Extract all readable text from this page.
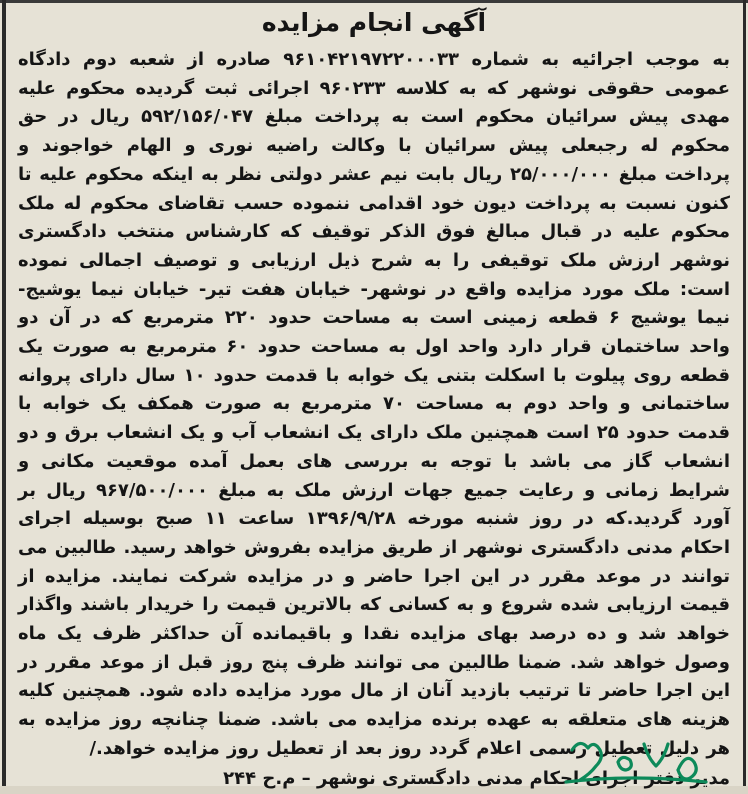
آگهی انجام مزایده
به موجب اجرائیه به شماره ۹۶۱۰۴۲۱۹۷۲۲۰۰۰۳۳ صادره از شعبه دوم دادگاه عمومی حقوقی نوشهر که به کلاسه ۹۶۰۲۳۳ اجرائی ثبت گردیده محکوم علیه مهدی پیش سرائیان محکوم است به پرداخت مبلغ ۵۹۲/۱۵۶/۰۴۷ ریال در حق محکوم له رجبعلی پیش سرائیان با وکالت راضیه نوری و الهام خواجوند و پرداخت مبلغ ۲۵/۰۰۰/۰۰۰ ریال بابت نیم عشر دولتی نظر به اینکه محکوم علیه تا کنون نسبت به پرداخت دیون خود اقدامی ننموده حسب تقاضای محکوم له ملک محکوم علیه در قبال مبالغ فوق الذکر توقیف که کارشناس منتخب دادگستری نوشهر ارزش ملک توقیفی را به شرح ذیل ارزیابی و توصیف اجمالی نموده است: ملک مورد مزایده واقع در نوشهر- خیابان هفت تیر- خیابان نیما یوشیج- نیما یوشیج ۶ قطعه زمینی است به مساحت حدود ۲۲۰ مترمربع که در آن دو واحد ساختمان قرار دارد واحد اول به مساحت حدود ۶۰ مترمربع به صورت یک قطعه روی پیلوت با اسکلت بتنی یک خوابه با قدمت حدود ۱۰ سال دارای پروانه ساختمانی و واحد دوم به مساحت ۷۰ مترمربع به صورت همکف یک خوابه با قدمت حدود ۲۵ است همچنین ملک دارای یک انشعاب آب و یک انشعاب برق و دو انشعاب گاز می باشد با توجه به بررسی های بعمل آمده موقعیت مکانی و شرایط زمانی و رعایت جمیع جهات ارزش ملک به مبلغ ۹۶۷/۵۰۰/۰۰۰ ریال بر آورد گردید.که در روز شنبه مورخه ۱۳۹۶/۹/۲۸ ساعت ۱۱ صبح بوسیله اجرای احکام مدنی دادگستری نوشهر از طریق مزایده بفروش خواهد رسید. طالبین می توانند در موعد مقرر در این اجرا حاضر و در مزایده شرکت نمایند. مزایده از قیمت ارزیابی شده شروع و به کسانی که بالاترین قیمت را خریدار باشند واگذار خواهد شد و ده درصد بهای مزایده نقدا و باقیمانده آن حداکثر ظرف یک ماه وصول خواهد شد. ضمنا طالبین می توانند ظرف پنج روز قبل از موعد مقرر در این اجرا حاضر تا ترتیب بازدید آنان از مال مورد مزایده داده شود. همچنین کلیه هزینه های متعلقه به عهده برنده مزایده می باشد. ضمنا چنانچه روز مزایده به هر دلیل تعطیل رسمی اعلام گردد روز بعد از تعطیل روز مزایده خواهد./
مدیر دفتر اجرای احکام مدنی دادگستری نوشهر – م.ح ۲۴۴
